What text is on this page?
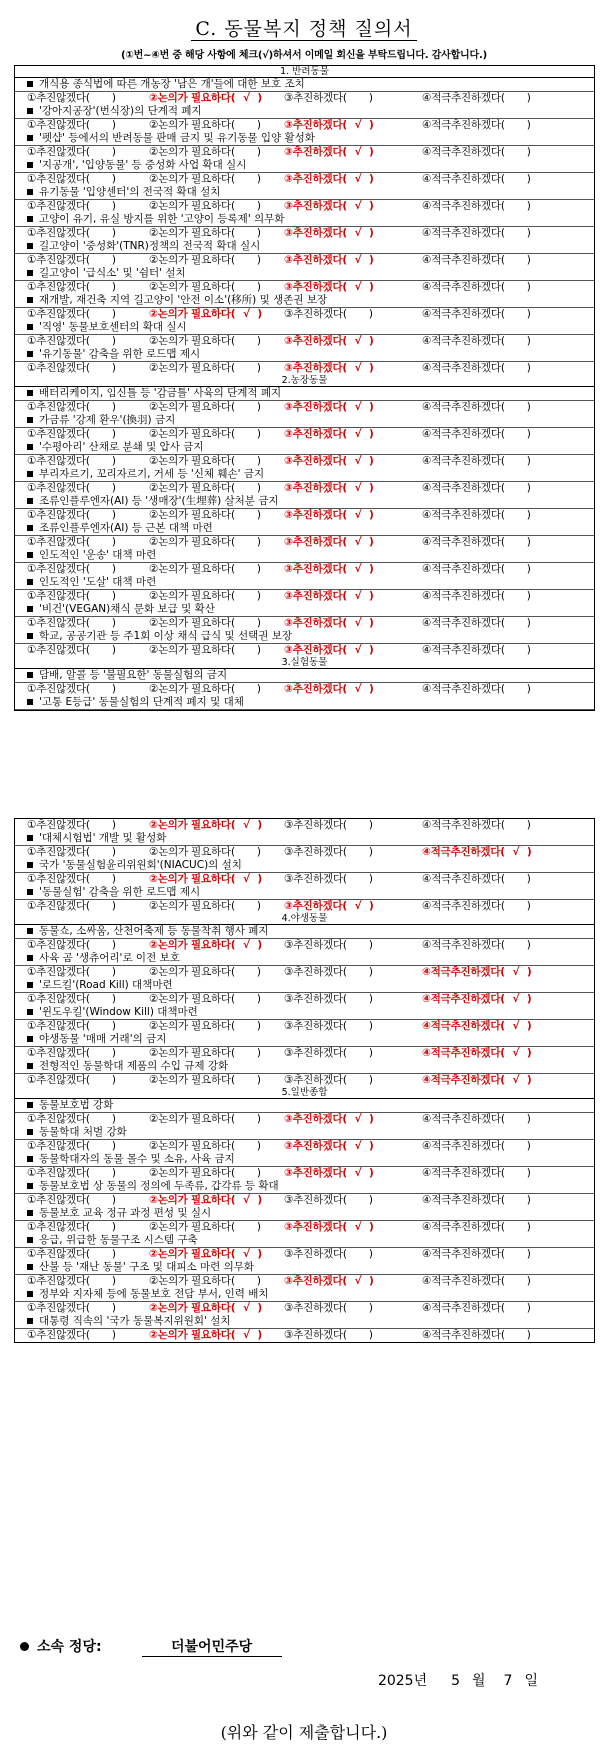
C. 동물복지 정책 질의서
(①번~④번 중 해당 사항에 체크(√)하셔서 이메일 회신을 부탁드립니다. 감사합니다.)
1. 반려동물
개식용 종식법에 따른 개농장 '남은 개'들에 대한 보호 조치
①추진않겠다( )	②논의가 필요하다( √ ) ③추진하겠다( )	④적극추진하겠다( )
'강아지공장'(번식장)의 단계적 폐지
①추진않겠다( )	②논의가 필요하다( ) ③추진하겠다( √ )	④적극추진하겠다( )
'펫샵' 등에서의 반려동물 판매 금지 및 유기동물 입양 활성화
①추진않겠다( )	②논의가 필요하다( ) ③추진하겠다( √ )	④적극추진하겠다( )
'지공개', '입양동물' 등 중성화 사업 확대 실시
①추진않겠다( )	②논의가 필요하다( ) ③추진하겠다( √ )	④적극추진하겠다( )
유기동물 '입양센터'의 전국적 확대 설치
①추진않겠다( )	②논의가 필요하다( ) ③추진하겠다( √ )	④적극추진하겠다( )
고양이 유기, 유실 방지를 위한 '고양이 등록제' 의무화
①추진않겠다( )	②논의가 필요하다( ) ③추진하겠다( √ )	④적극추진하겠다( )
길고양이 '중성화'(TNR)정책의 전국적 확대 실시
①추진않겠다( )	②논의가 필요하다( ) ③추진하겠다( √ )	④적극추진하겠다( )
길고양이 '급식소' 및 '쉼터' 설치
①추진않겠다( )	②논의가 필요하다( ) ③추진하겠다( √ )	④적극추진하겠다( )
재개발, 재건축 지역 길고양이 '안전 이소'(移所) 및 생존권 보장
①추진않겠다( )	②논의가 필요하다( √ ) ③추진하겠다( )	④적극추진하겠다( )
'직영' 동물보호센터의 확대 실시
①추진않겠다( )	②논의가 필요하다( ) ③추진하겠다( √ )	④적극추진하겠다( )
'유기동물' 감축을 위한 로드맵 제시
①추진않겠다( )	②논의가 필요하다( ) ③추진하겠다( √ )	④적극추진하겠다( )
2.농장동물
배터리케이지, 임신틀 등 '감금틀' 사육의 단계적 폐지
①추진않겠다( )	②논의가 필요하다( ) ③추진하겠다( √ )	④적극추진하겠다( )
가금류 '강제 환우'(換羽) 금지
①추진않겠다( )	②논의가 필요하다( ) ③추진하겠다( √ )	④적극추진하겠다( )
'수평아리' 산채로 분쇄 및 압사 금지
①추진않겠다( )	②논의가 필요하다( ) ③추진하겠다( √ )	④적극추진하겠다( )
부리자르기, 꼬리자르기, 거세 등 '신체 훼손' 금지
①추진않겠다( )	②논의가 필요하다( ) ③추진하겠다( √ )	④적극추진하겠다( )
조류인플루엔자(AI) 등 '생매장'(生埋葬) 살처분 금지
①추진않겠다( )	②논의가 필요하다( ) ③추진하겠다( √ )	④적극추진하겠다( )
조류인플루엔자(AI) 등 근본 대책 마련
①추진않겠다( )	②논의가 필요하다( ) ③추진하겠다( √ )	④적극추진하겠다( )
인도적인 '운송' 대책 마련
①추진않겠다( )	②논의가 필요하다( ) ③추진하겠다( √ )	④적극추진하겠다( )
인도적인 '도살' 대책 마련
①추진않겠다( )	②논의가 필요하다( ) ③추진하겠다( √ )	④적극추진하겠다( )
'비건'(VEGAN)채식 문화 보급 및 확산
①추진않겠다( )	②논의가 필요하다( ) ③추진하겠다( √ )	④적극추진하겠다( )
학교, 공공기관 등 주1회 이상 채식 급식 및 선택권 보장
①추진않겠다( )	②논의가 필요하다( ) ③추진하겠다( √ )	④적극추진하겠다( )
3.실험동물
담배, 알콜 등 '불필요한' 동물실험의 금지
①추진않겠다( )	②논의가 필요하다( ) ③추진하겠다( √ )	④적극추진하겠다( )
'고통 E등급' 동물실험의 단계적 폐지 및 대체
①추진않겠다( )	②논의가 필요하다( √ ) ③추진하겠다( )	④적극추진하겠다( )
'대체시험법' 개발 및 활성화
①추진않겠다( )	②논의가 필요하다( ) ③추진하겠다( )	④적극추진하겠다( √ )
국가 '동물실험윤리위원회'(NIACUC)의 설치
①추진않겠다( )	②논의가 필요하다( √ ) ③추진하겠다( )	④적극추진하겠다( )
'동물실험' 감축을 위한 로드맵 제시
①추진않겠다( )	②논의가 필요하다( ) ③추진하겠다( √ )	④적극추진하겠다( )
4.야생동물
동물쇼, 소싸움, 산천어축제 등 동물착취 행사 폐지
①추진않겠다( )	②논의가 필요하다( √ ) ③추진하겠다( )	④적극추진하겠다( )
사육 곰 '생츄어리'로 이전 보호
①추진않겠다( )	②논의가 필요하다( ) ③추진하겠다( )	④적극추진하겠다( √ )
'로드킬'(Road Kill) 대책마련
①추진않겠다( )	②논의가 필요하다( ) ③추진하겠다( )	④적극추진하겠다( √ )
'윈도우킬'(Window Kill) 대책마련
①추진않겠다( )	②논의가 필요하다( ) ③추진하겠다( )	④적극추진하겠다( √ )
야생동물 '매매 거래'의 금지
①추진않겠다( )	②논의가 필요하다( ) ③추진하겠다( )	④적극추진하겠다( √ )
전형적인 동물학대 제품의 수입 규제 강화
①추진않겠다( )	②논의가 필요하다( ) ③추진하겠다( )	④적극추진하겠다( √ )
5.일반종합
동물보호법 강화
①추진않겠다( )	②논의가 필요하다( ) ③추진하겠다( √ )	④적극추진하겠다( )
동물학대 처벌 강화
①추진않겠다( )	②논의가 필요하다( ) ③추진하겠다( √ )	④적극추진하겠다( )
동물학대자의 동물 몰수 및 소유, 사육 금지
①추진않겠다( )	②논의가 필요하다( ) ③추진하겠다( √ )	④적극추진하겠다( )
동물보호법 상 동물의 정의에 두족류, 갑각류 등 확대
①추진않겠다( )	②논의가 필요하다( √ ) ③추진하겠다( )	④적극추진하겠다( )
동물보호 교육 정규 과정 편성 및 실시
①추진않겠다( )	②논의가 필요하다( ) ③추진하겠다( √ )	④적극추진하겠다( )
응급, 위급한 동물구조 시스템 구축
①추진않겠다( )	②논의가 필요하다( √ ) ③추진하겠다( )	④적극추진하겠다( )
산불 등 '재난 동물' 구조 및 대피소 마련 의무화
①추진않겠다( )	②논의가 필요하다( ) ③추진하겠다( √ )	④적극추진하겠다( )
정부와 지자체 등에 동물보호 전담 부서, 인력 배치
①추진않겠다( )	②논의가 필요하다( √ ) ③추진하겠다( )	④적극추진하겠다( )
대통령 직속의 '국가 동물복지위원회' 설치
①추진않겠다( )	②논의가 필요하다( √ ) ③추진하겠다( )	④적극추진하겠다( )
소속 정당:	더불어민주당
2025년 5 월 7 일
(위와 같이 제출합니다.)
